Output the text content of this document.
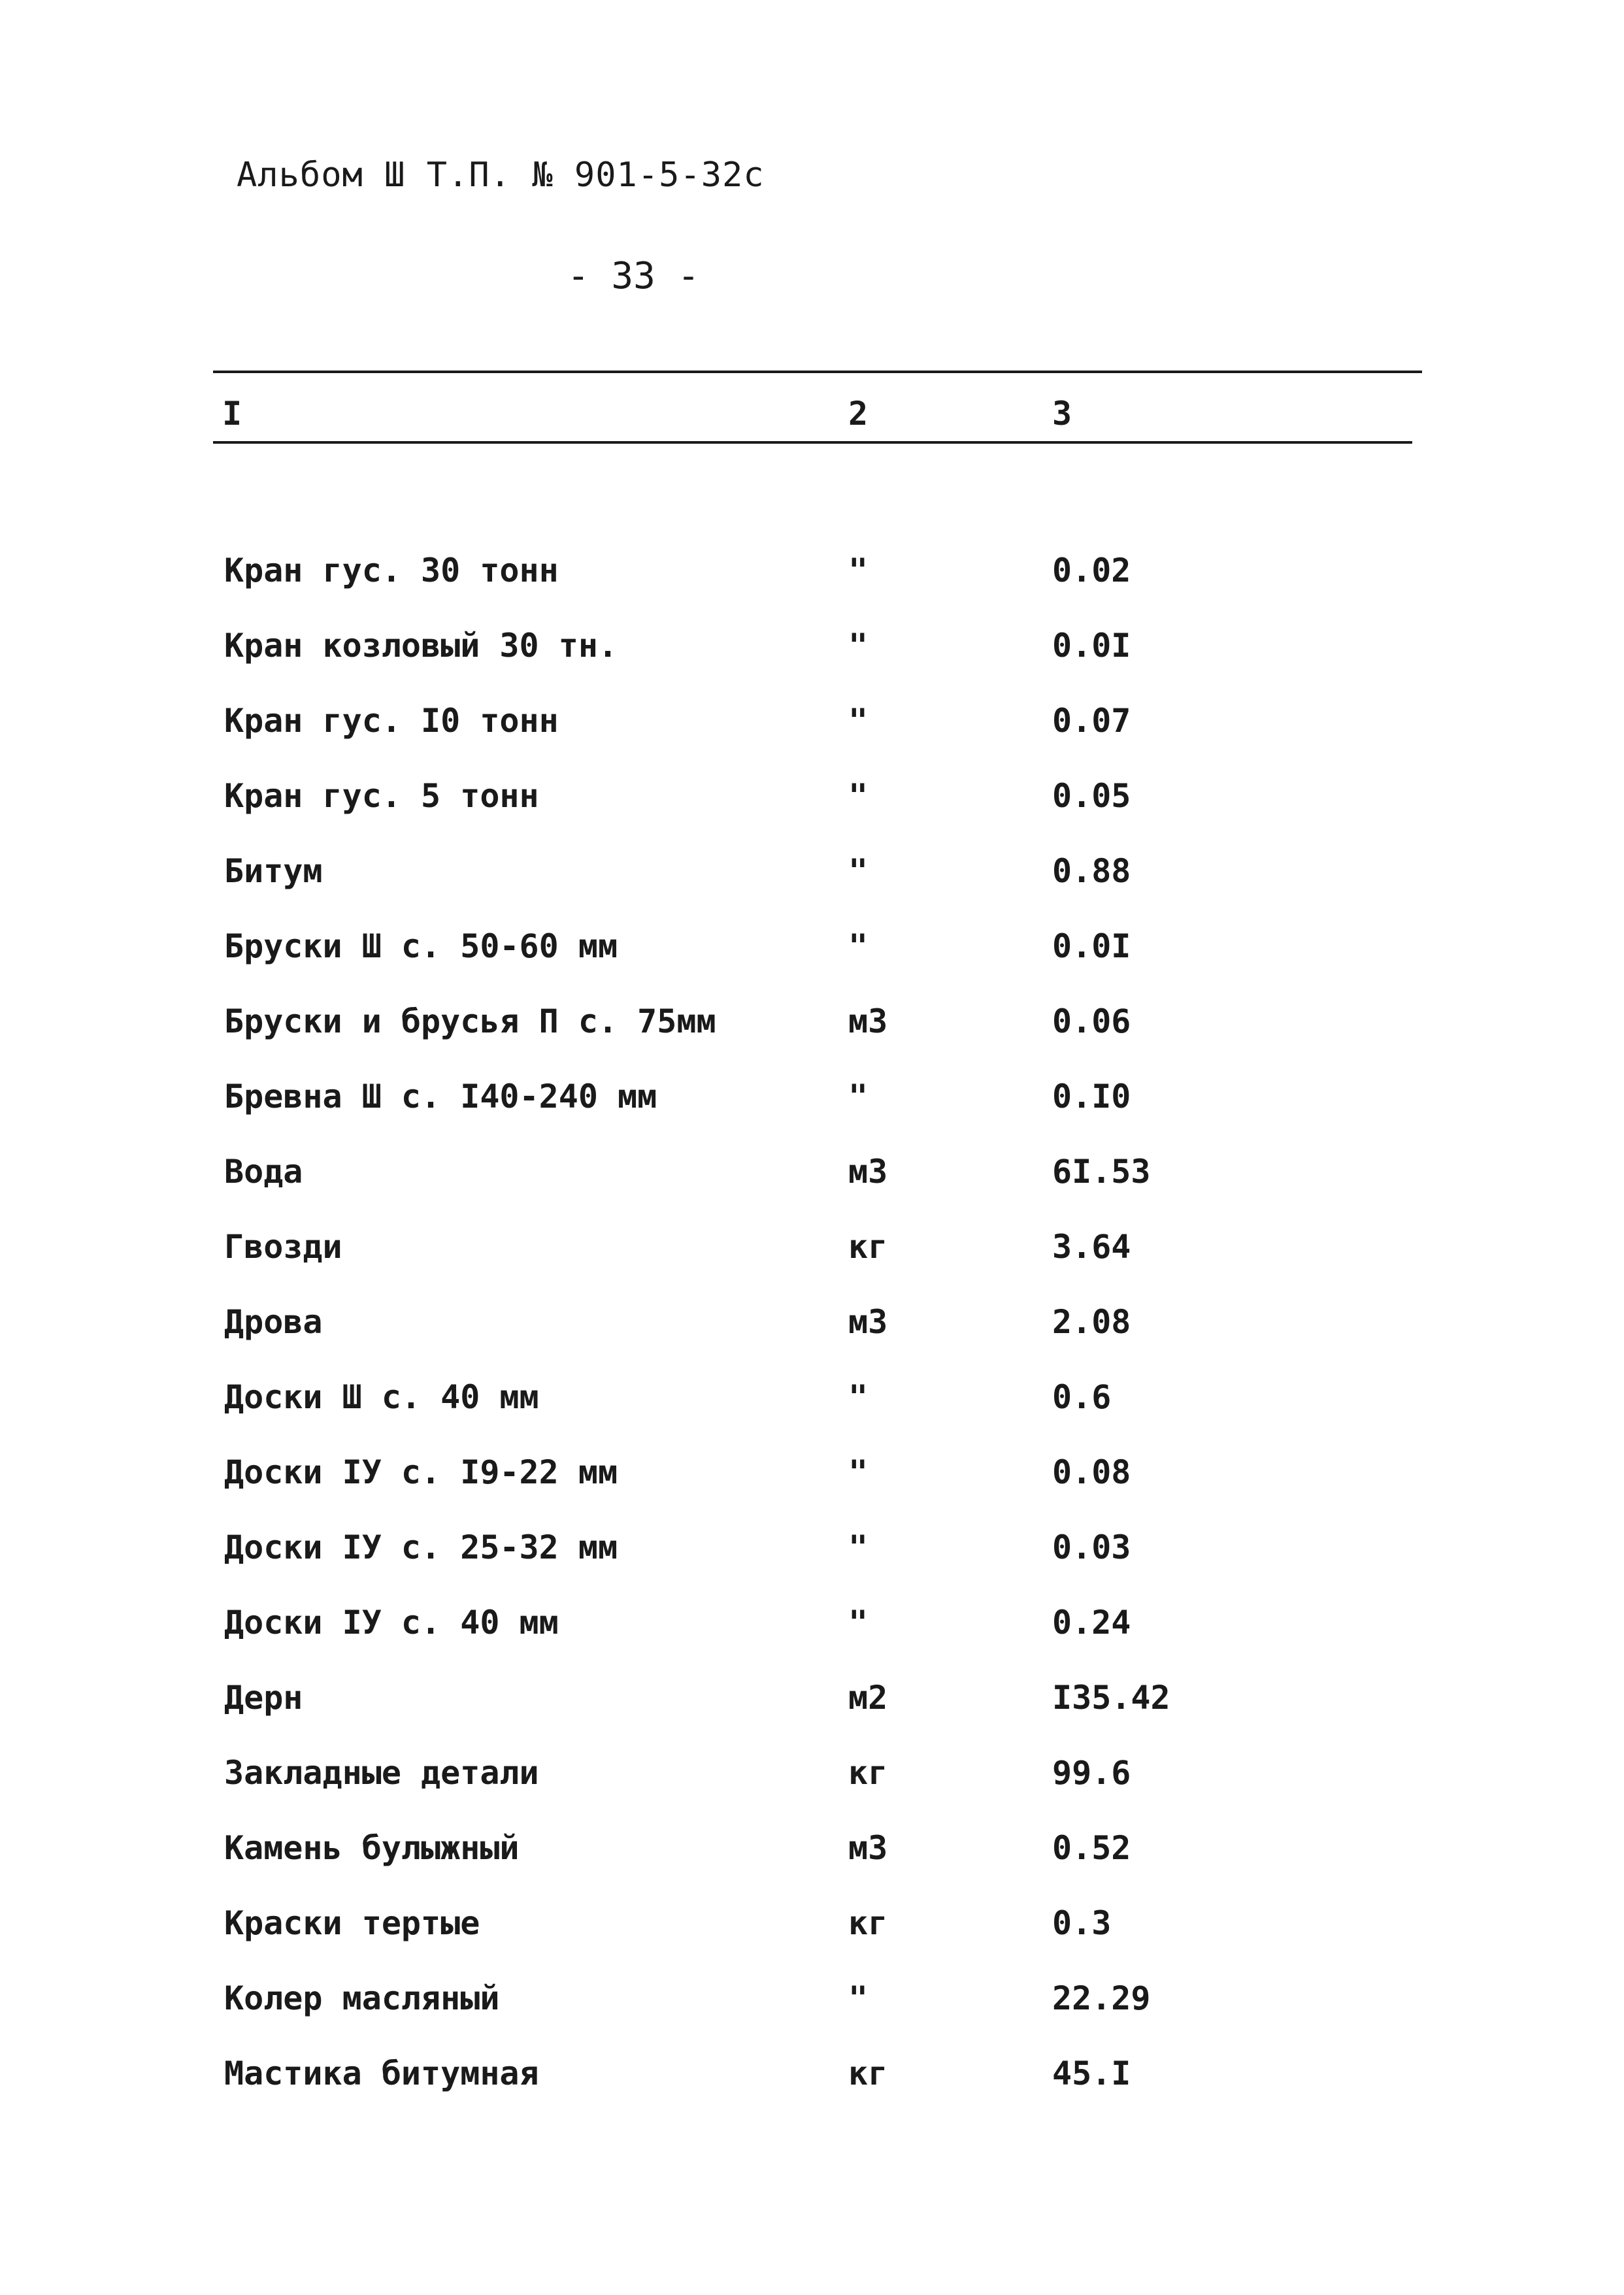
Альбом Ш Т.П. № 901-5-32с
- 33 -
I	2	3
Кран гус. 30 тонн	"	0.02
Кран козловый 30 тн.	"	0.0I
Кран гус. I0 тонн	"	0.07
Кран гус. 5 тонн	"	0.05
Битум	"	0.88
Бруски Ш с. 50-60 мм	"	0.0I
Бруски и брусья П с. 75мм	м3	0.06
Бревна Ш с. I40-240 мм	"	0.I0
Вода	м3	6I.53
Гвозди	кг	3.64
Дрова	м3	2.08
Доски Ш с. 40 мм	"	0.6
Доски IУ с. I9-22 мм	"	0.08
Доски IУ с. 25-32 мм	"	0.03
Доски IУ с. 40 мм	"	0.24
Дерн	м2	I35.42
Закладные детали	кг	99.6
Камень булыжный	м3	0.52
Краски тертые	кг	0.3
Колер масляный	"	22.29
Мастика битумная	кг	45.I
